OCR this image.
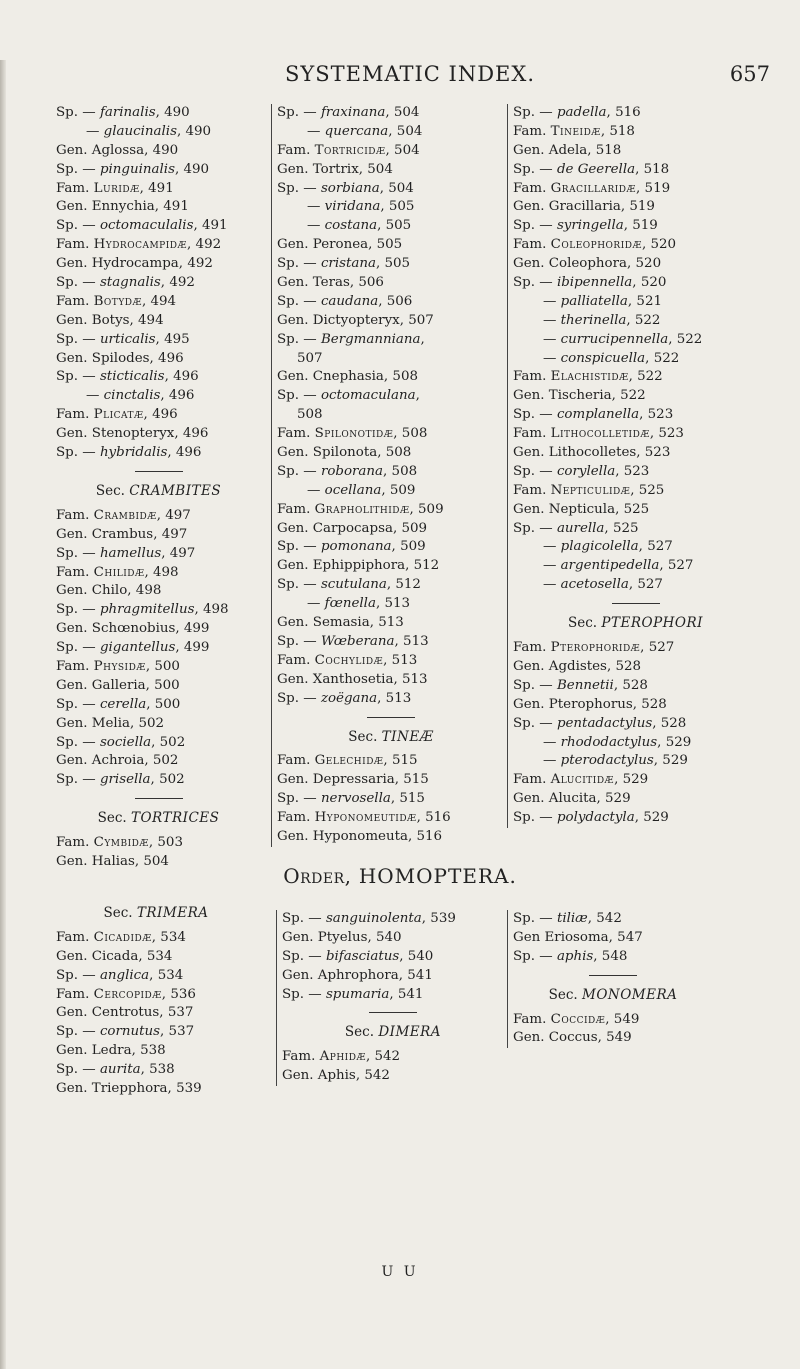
SYSTEMATIC INDEX.	657
Sp. — farinalis, 490
— glaucinalis, 490
Gen. Aglossa, 490
Sp. — pinguinalis, 490
Fam. Luridæ, 491
Gen. Ennychia, 491
Sp. — octomaculalis, 491
Fam. Hydrocampidæ, 492
Gen. Hydrocampa, 492
Sp. — stagnalis, 492
Fam. Botydæ, 494
Gen. Botys, 494
Sp. — urticalis, 495
Gen. Spilodes, 496
Sp. — sticticalis, 496
— cinctalis, 496
Fam. Plicatæ, 496
Gen. Stenopteryx, 496
Sp. — hybridalis, 496
Sec. CRAMBITES
Fam. Crambidæ, 497
Gen. Crambus, 497
Sp. — hamellus, 497
Fam. Chilidæ, 498
Gen. Chilo, 498
Sp. — phragmitellus, 498
Gen. Schœnobius, 499
Sp. — gigantellus, 499
Fam. Physidæ, 500
Gen. Galleria, 500
Sp. — cerella, 500
Gen. Melia, 502
Sp. — sociella, 502
Gen. Achroia, 502
Sp. — grisella, 502
Sec. TORTRICES
Fam. Cymbidæ, 503
Gen. Halias, 504
Sp. — fraxinana, 504
— quercana, 504
Fam. Tortricidæ, 504
Gen. Tortrix, 504
Sp. — sorbiana, 504
— viridana, 505
— costana, 505
Gen. Peronea, 505
Sp. — cristana, 505
Gen. Teras, 506
Sp. — caudana, 506
Gen. Dictyopteryx, 507
Sp. — Bergmanniana,
507
Gen. Cnephasia, 508
Sp. — octomaculana,
508
Fam. Spilonotidæ, 508
Gen. Spilonota, 508
Sp. — roborana, 508
— ocellana, 509
Fam. Grapholithidæ, 509
Gen. Carpocapsa, 509
Sp. — pomonana, 509
Gen. Ephippiphora, 512
Sp. — scutulana, 512
— fœnella, 513
Gen. Semasia, 513
Sp. — Wœberana, 513
Fam. Cochylidæ, 513
Gen. Xanthosetia, 513
Sp. — zoëgana, 513
Sec. TINEÆ
Fam. Gelechidæ, 515
Gen. Depressaria, 515
Sp. — nervosella, 515
Fam. Hyponomeutidæ, 516
Gen. Hyponomeuta, 516
Sp. — padella, 516
Fam. Tineidæ, 518
Gen. Adela, 518
Sp. — de Geerella, 518
Fam. Gracillaridæ, 519
Gen. Gracillaria, 519
Sp. — syringella, 519
Fam. Coleophoridæ, 520
Gen. Coleophora, 520
Sp. — ibipennella, 520
— palliatella, 521
— therinella, 522
— currucipennella, 522
— conspicuella, 522
Fam. Elachistidæ, 522
Gen. Tischeria, 522
Sp. — complanella, 523
Fam. Lithocolletidæ, 523
Gen. Lithocolletes, 523
Sp. — corylella, 523
Fam. Nepticulidæ, 525
Gen. Nepticula, 525
Sp. — aurella, 525
— plagicolella, 527
— argentipedella, 527
— acetosella, 527
Sec. PTEROPHORI
Fam. Pterophoridæ, 527
Gen. Agdistes, 528
Sp. — Bennetii, 528
Gen. Pterophorus, 528
Sp. — pentadactylus, 528
— rhododactylus, 529
— pterodactylus, 529
Fam. Alucitidæ, 529
Gen. Alucita, 529
Sp. — polydactyla, 529
Order, HOMOPTERA.
Sec. TRIMERA
Fam. Cicadidæ, 534
Gen. Cicada, 534
Sp. — anglica, 534
Fam. Cercopidæ, 536
Gen. Centrotus, 537
Sp. — cornutus, 537
Gen. Ledra, 538
Sp. — aurita, 538
Gen. Triepphora, 539
Sp. — sanguinolenta, 539
Gen. Ptyelus, 540
Sp. — bifasciatus, 540
Gen. Aphrophora, 541
Sp. — spumaria, 541
Sec. DIMERA
Fam. Aphidæ, 542
Gen. Aphis, 542
Sp. — tiliæ, 542
Gen Eriosoma, 547
Sp. — aphis, 548
Sec. MONOMERA
Fam. Coccidæ, 549
Gen. Coccus, 549
U U
